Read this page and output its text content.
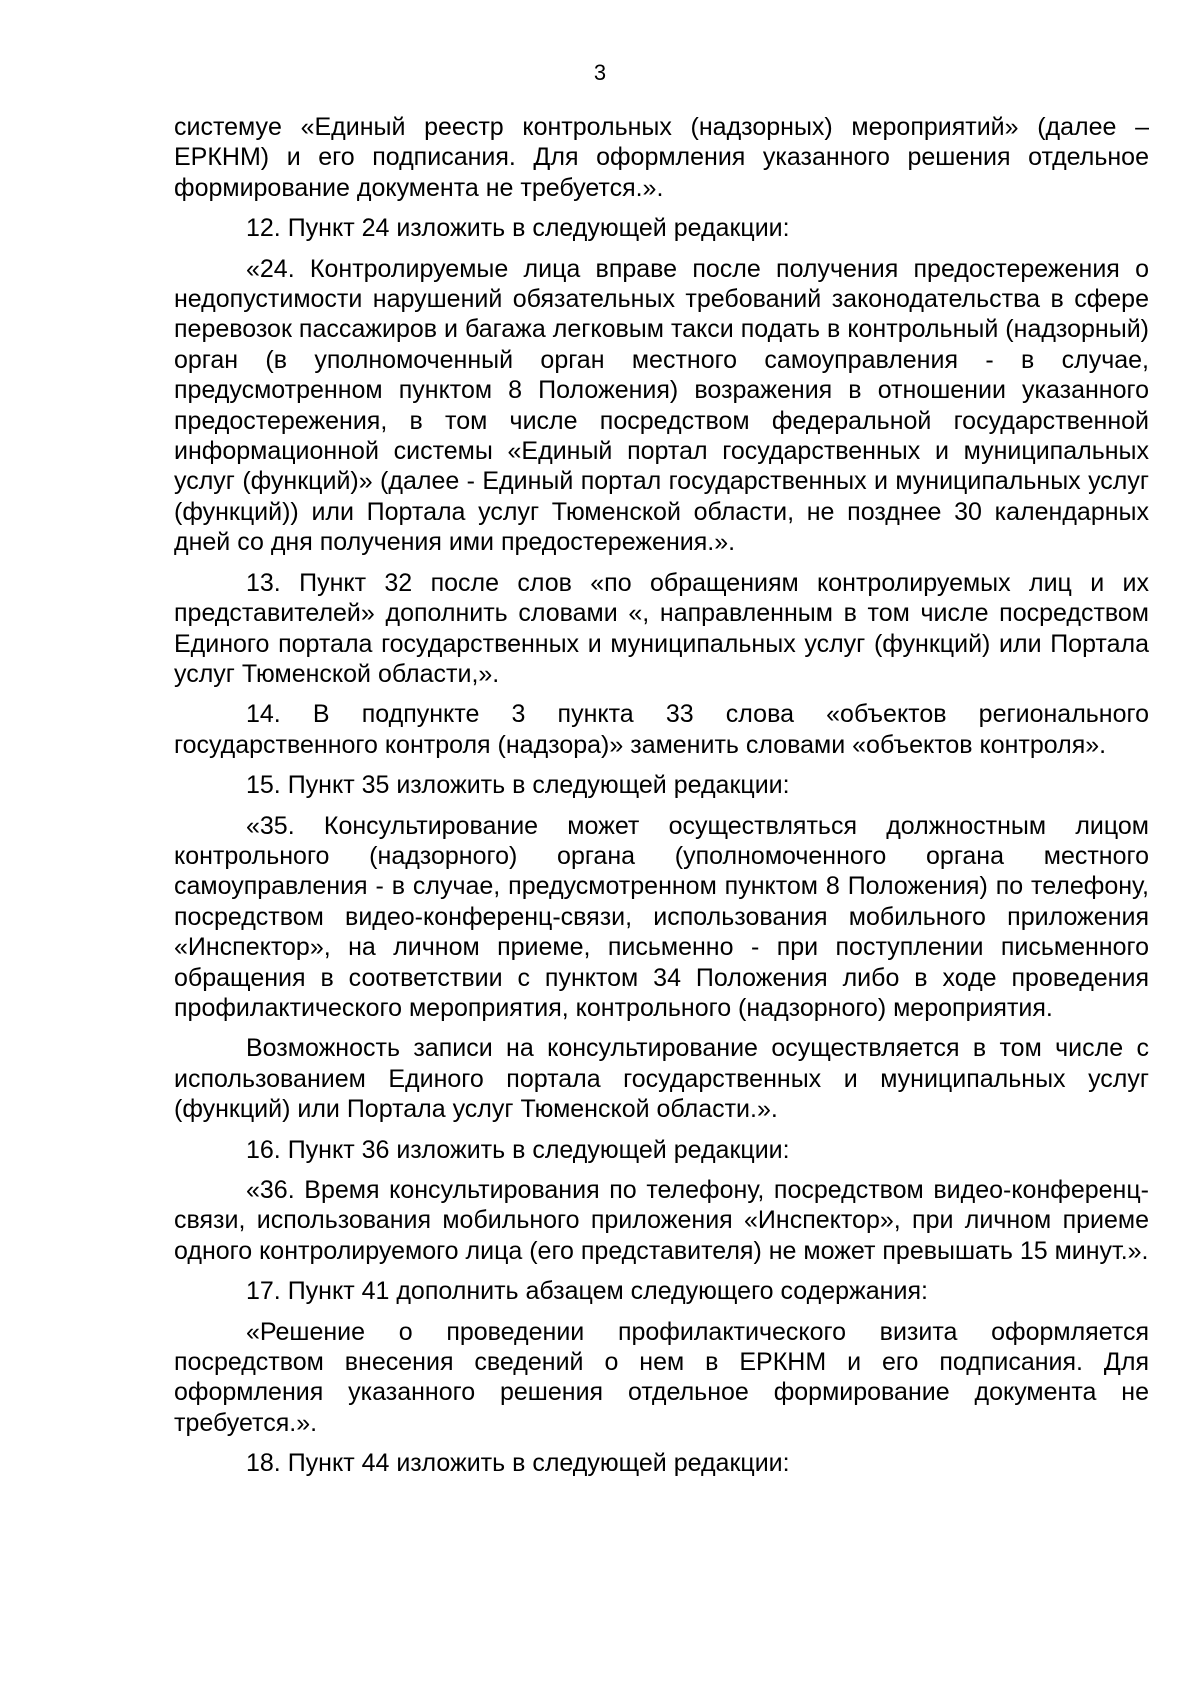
3

системуe «Единый реестр контрольных (надзорных) мероприятий» (далее – ЕРКНМ) и его подписания. Для оформления указанного решения отдельное формирование документа не требуется.».

12. Пункт 24 изложить в следующей редакции:

«24. Контролируемые лица вправе после получения предостережения о недопустимости нарушений обязательных требований законодательства в сфере перевозок пассажиров и багажа легковым такси подать в контрольный (надзорный) орган (в уполномоченный орган местного самоуправления - в случае, предусмотренном пунктом 8 Положения) возражения в отношении указанного предостережения, в том числе посредством федеральной государственной информационной системы «Единый портал государственных и муниципальных услуг (функций)» (далее - Единый портал государственных и муниципальных услуг (функций)) или Портала услуг Тюменской области, не позднее 30 календарных дней со дня получения ими предостережения.».

13. Пункт 32 после слов «по обращениям контролируемых лиц и их представителей» дополнить словами «, направленным в том числе посредством Единого портала государственных и муниципальных услуг (функций) или Портала услуг Тюменской области,».

14. В подпункте 3 пункта 33 слова «объектов регионального государственного контроля (надзора)» заменить словами «объектов контроля».

15. Пункт 35 изложить в следующей редакции:

«35. Консультирование может осуществляться должностным лицом контрольного (надзорного) органа (уполномоченного органа местного самоуправления - в случае, предусмотренном пунктом 8 Положения) по телефону, посредством видео-конференц-связи, использования мобильного приложения «Инспектор», на личном приеме, письменно - при поступлении письменного обращения в соответствии с пунктом 34 Положения либо в ходе проведения профилактического мероприятия, контрольного (надзорного) мероприятия.

Возможность записи на консультирование осуществляется в том числе с использованием Единого портала государственных и муниципальных услуг (функций) или Портала услуг Тюменской области.».

16. Пункт 36 изложить в следующей редакции:

«36. Время консультирования по телефону, посредством видео-конференц-связи, использования мобильного приложения «Инспектор», при личном приеме одного контролируемого лица (его представителя) не может превышать 15 минут.».

17. Пункт 41 дополнить абзацем следующего содержания:

«Решение о проведении профилактического визита оформляется посредством внесения сведений о нем в ЕРКНМ и его подписания. Для оформления указанного решения отдельное формирование документа не требуется.».

18. Пункт 44 изложить в следующей редакции:
